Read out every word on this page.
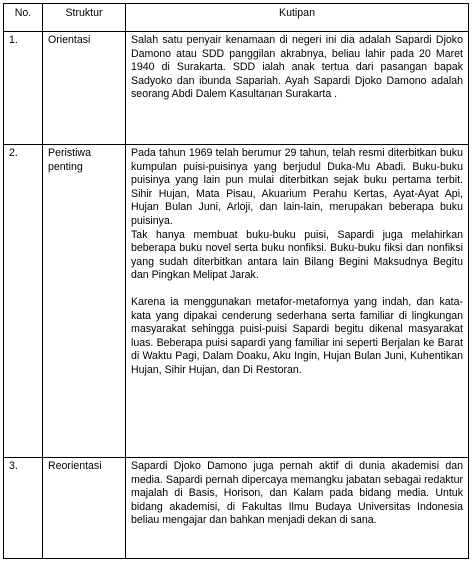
No.	Struktur	Kutipan
1.	Orientasi	Salah satu penyair kenamaan di negeri ini dia adalah Sapardi Djoko Damono atau SDD panggilan akrabnya, beliau lahir pada 20 Maret 1940 di Surakarta. SDD ialah anak tertua dari pasangan bapak Sadyoko dan ibunda Sapariah. Ayah Sapardi Djoko Damono adalah seorang Abdi Dalem Kasultanan Surakarta .

2.	Peristiwa penting	Pada tahun 1969 telah berumur 29 tahun, telah resmi diterbitkan buku kumpulan puisi-puisinya yang berjudul Duka-Mu Abadi. Buku-buku puisinya yang lain pun mulai diterbitkan sejak buku pertama terbit. Sihir Hujan, Mata Pisau, Akuarium Perahu Kertas, Ayat-Ayat Api, Hujan Bulan Juni, Arloji, dan lain-lain, merupakan beberapa buku puisinya.

Tak hanya membuat buku-buku puisi, Sapardi juga melahirkan beberapa buku novel serta buku nonfiksi. Buku-buku fiksi dan nonfiksi yang sudah diterbitkan antara lain Bilang Begini Maksudnya Begitu dan Pingkan Melipat Jarak.

Karena ia menggunakan metafor-metafornya yang indah, dan kata-kata yang dipakai cenderung sederhana serta familiar di lingkungan masyarakat sehingga puisi-puisi Sapardi begitu dikenal masyarakat luas. Beberapa puisi sapardi yang familiar ini seperti Berjalan ke Barat di Waktu Pagi, Dalam Doaku, Aku Ingin, Hujan Bulan Juni, Kuhentikan Hujan, Sihir Hujan, dan Di Restoran.

3.	Reorientasi	Sapardi Djoko Damono juga pernah aktif di dunia akademisi dan media. Sapardi pernah dipercaya memangku jabatan sebagai redaktur majalah di Basis, Horison, dan Kalam pada bidang media. Untuk bidang akademisi, di Fakultas Ilmu Budaya Universitas Indonesia beliau mengajar dan bahkan menjadi dekan di sana.
